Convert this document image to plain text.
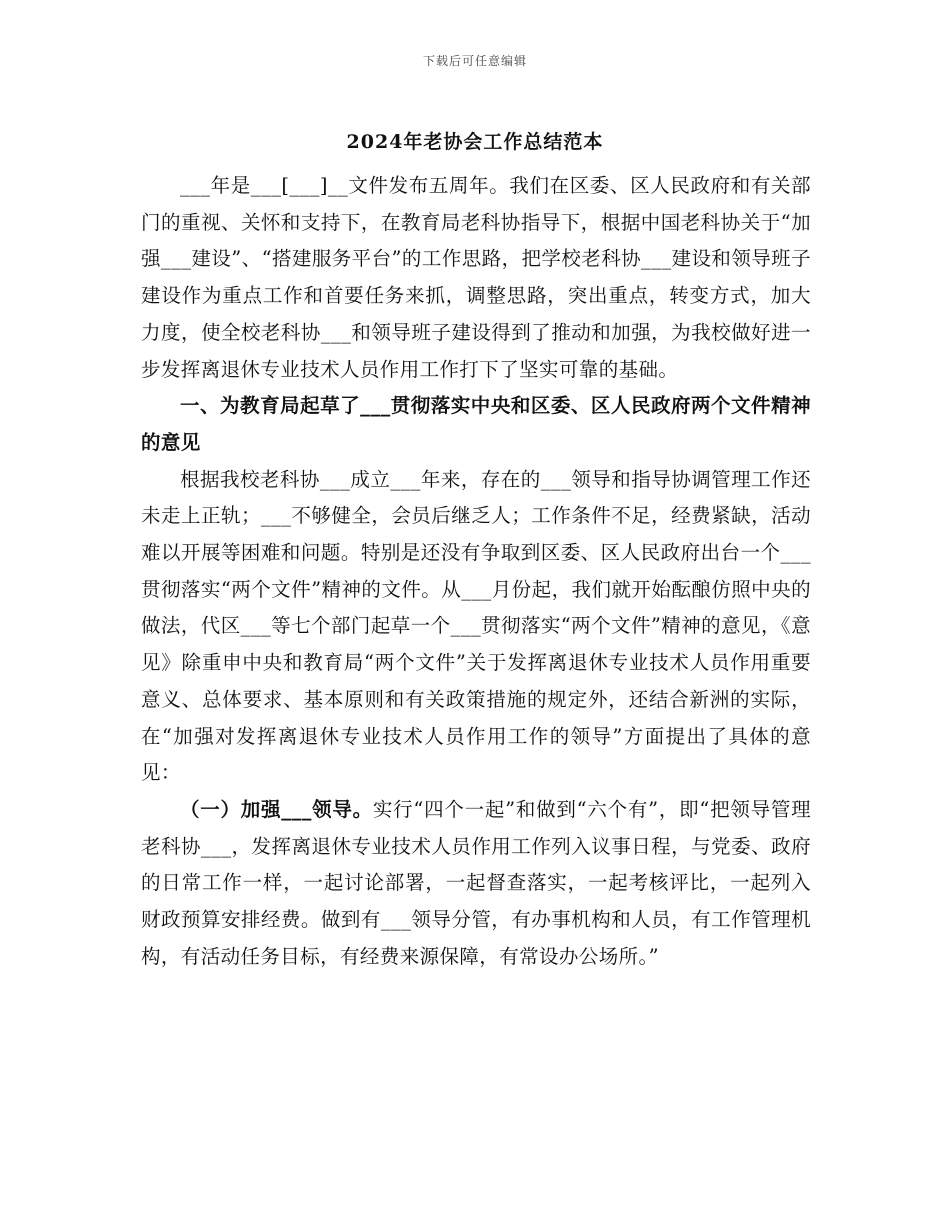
下载后可任意编辑
2024年老协会工作总结范本

___年是___[___]__文件发布五周年。我们在区委、区人民政府和有关部门的重视、关怀和支持下，在教育局老科协指导下，根据中国老科协关于“加强___建设”、“搭建服务平台”的工作思路，把学校老科协___建设和领导班子建设作为重点工作和首要任务来抓，调整思路，突出重点，转变方式，加大力度，使全校老科协___和领导班子建设得到了推动和加强，为我校做好进一步发挥离退休专业技术人员作用工作打下了坚实可靠的基础。

一、为教育局起草了___贯彻落实中央和区委、区人民政府两个文件精神的意见

根据我校老科协___成立___年来，存在的___领导和指导协调管理工作还未走上正轨；___不够健全，会员后继乏人；工作条件不足，经费紧缺，活动难以开展等困难和问题。特别是还没有争取到区委、区人民政府出台一个___贯彻落实“两个文件”精神的文件。从___月份起，我们就开始酝酿仿照中央的做法，代区___等七个部门起草一个___贯彻落实“两个文件”精神的意见，《意见》除重申中央和教育局“两个文件”关于发挥离退休专业技术人员作用重要意义、总体要求、基本原则和有关政策措施的规定外，还结合新洲的实际，在“加强对发挥离退休专业技术人员作用工作的领导”方面提出了具体的意见：

（一）加强___领导。实行“四个一起”和做到“六个有”，即“把领导管理老科协___，发挥离退休专业技术人员作用工作列入议事日程，与党委、政府的日常工作一样，一起讨论部署，一起督查落实，一起考核评比，一起列入财政预算安排经费。做到有___领导分管，有办事机构和人员，有工作管理机构，有活动任务目标，有经费来源保障，有常设办公场所。”
